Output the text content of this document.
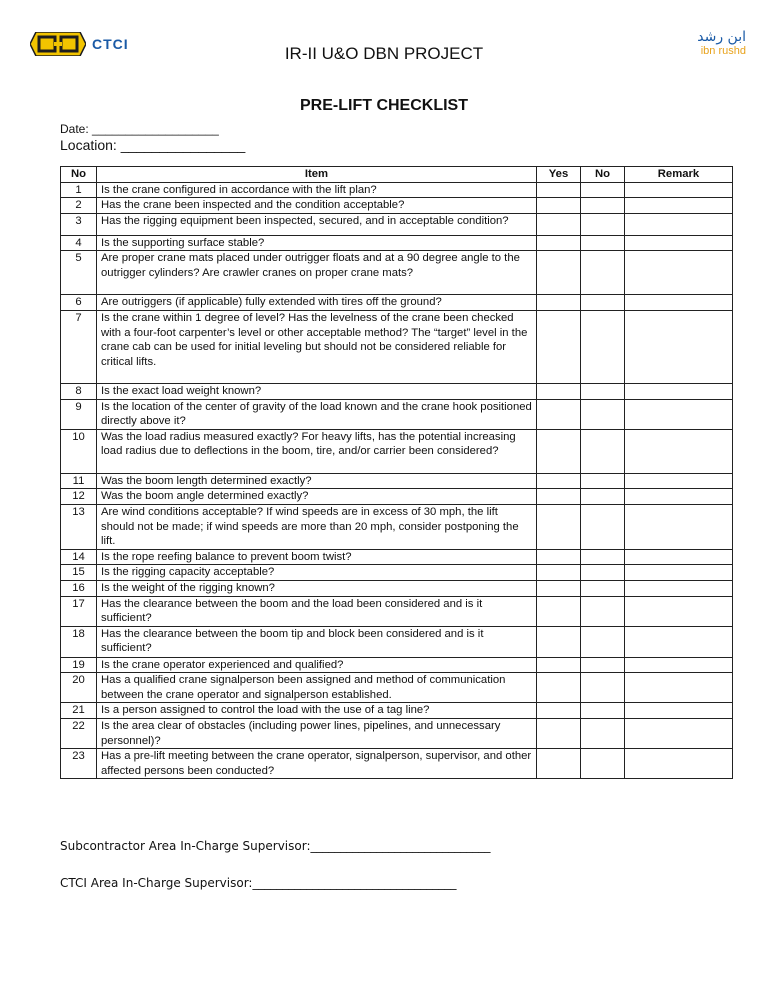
CTCI	ابن رشد
ibn rushd
IR-II U&O DBN PROJECT
PRE-LIFT CHECKLIST
Date: ___________________
Location: ________________
No	Item	Yes	No	Remark
1	Is the crane configured in accordance with the lift plan?			
2	Has the crane been inspected and the condition acceptable?			
3	Has the rigging equipment been inspected, secured, and in acceptable condition?			
4	Is the supporting surface stable?			
5	Are proper crane mats placed under outrigger floats and at a 90 degree angle to the outrigger cylinders? Are crawler cranes on proper crane mats?			
6	Are outriggers (if applicable) fully extended with tires off the ground?			
7	Is the crane within 1 degree of level? Has the levelness of the crane been checked with a four-foot carpenter’s level or other acceptable method? The “target” level in the crane cab can be used for initial leveling but should not be considered reliable for critical lifts.			
8	Is the exact load weight known?			
9	Is the location of the center of gravity of the load known and the crane hook positioned directly above it?			
10	Was the load radius measured exactly? For heavy lifts, has the potential increasing load radius due to deflections in the boom, tire, and/or carrier been considered?			
11	Was the boom length determined exactly?			
12	Was the boom angle determined exactly?			
13	Are wind conditions acceptable? If wind speeds are in excess of 30 mph, the lift should not be made; if wind speeds are more than 20 mph, consider postponing the lift.			
14	Is the rope reefing balance to prevent boom twist?			
15	Is the rigging capacity acceptable?			
16	Is the weight of the rigging known?			
17	Has the clearance between the boom and the load been considered and is it sufficient?			
18	Has the clearance between the boom tip and block been considered and is it sufficient?			
19	Is the crane operator experienced and qualified?			
20	Has a qualified crane signalperson been assigned and method of communication between the crane operator and signalperson established.			
21	Is a person assigned to control the load with the use of a tag line?			
22	Is the area clear of obstacles (including power lines, pipelines, and unnecessary personnel)?			
23	Has a pre-lift meeting between the crane operator, signalperson, supervisor, and other affected persons been conducted?			
Subcontractor Area In-Charge Supervisor:______________________________
CTCI Area In-Charge Supervisor:__________________________________
